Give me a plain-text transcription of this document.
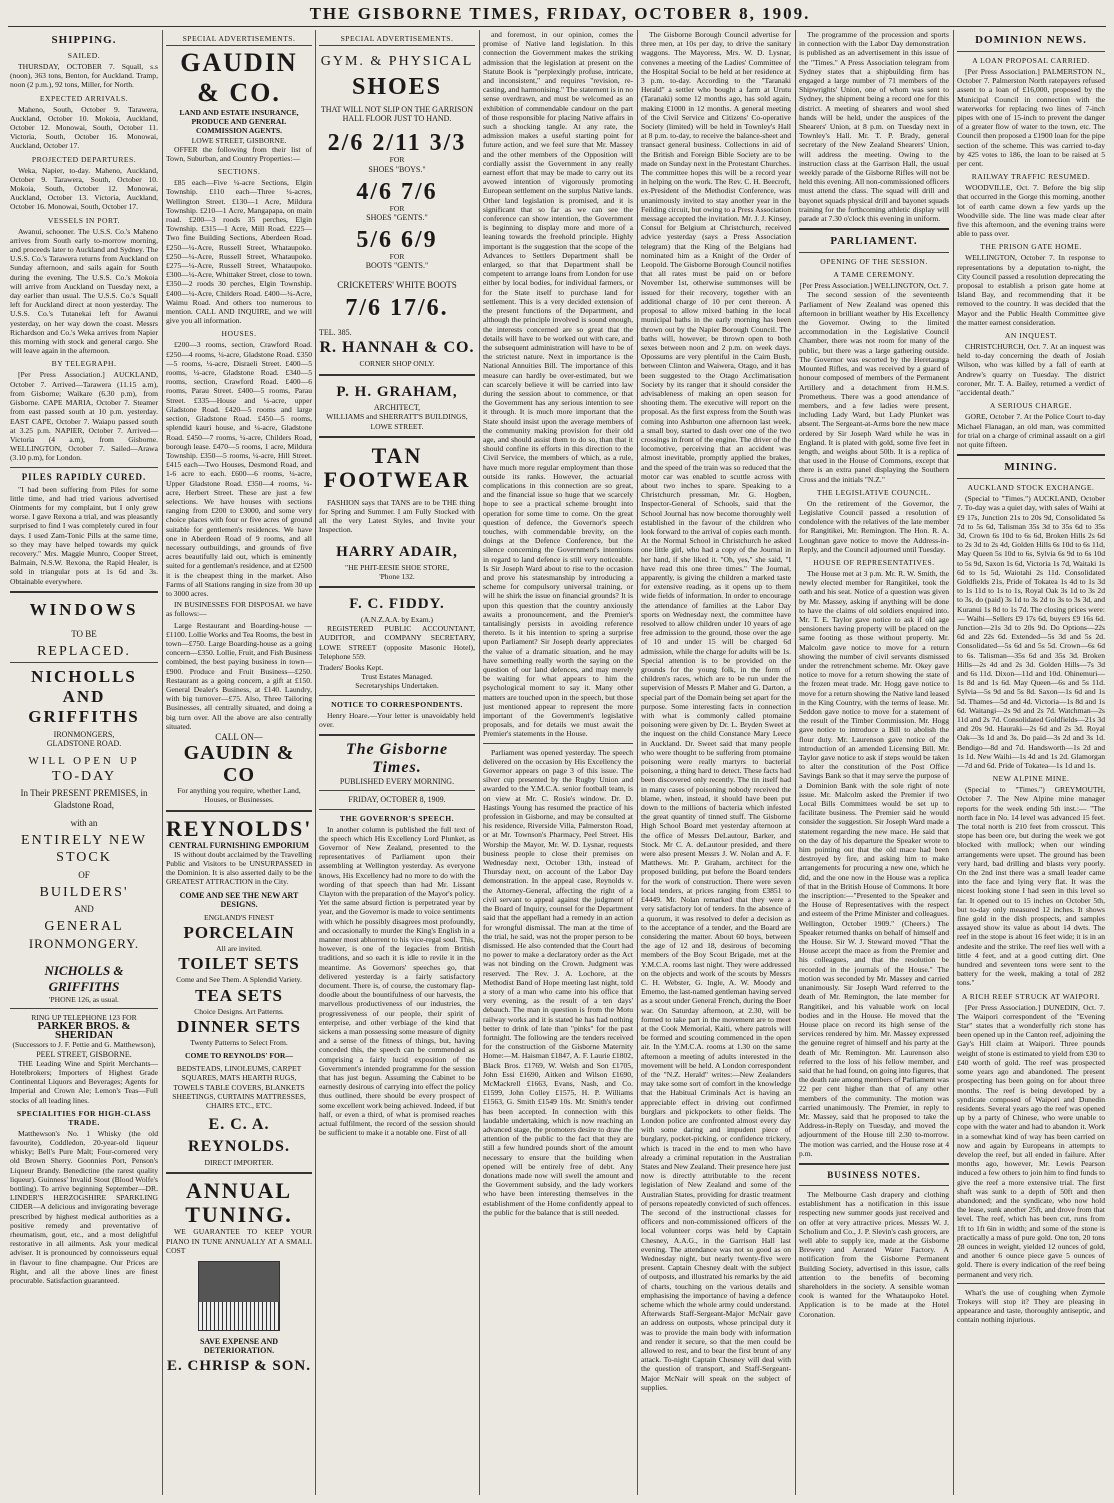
THE GISBORNE TIMES, FRIDAY, OCTOBER 8, 1909.
SHIPPING.
SAILED.

THURSDAY, OCTOBER 7. Squall, s.s (noon), 363 tons, Benton, for Auckland. Tramp, noon (2 p.m.), 92 tons, Miller, for North.

EXPECTED ARRIVALS.

Maheno, South, October 9. Tarawera, Auckland, October 10. Mokoia, Auckland, October 12. Monowai, South, October 11. Victoria, South, October 16. Monowai, Auckland, October 17.

PROJECTED DEPARTURES.

Weka, Napier, to-day. Maheno, Auckland, October 9. Tarawera, South, October 10. Mokoia, South, October 12. Monowai, Auckland, October 13. Victoria, Auckland, October 16. Monowai, South, October 17.

VESSELS IN PORT.

Awanui, schooner. The U.S.S. Co.'s Maheno arrives from South early to-morrow morning, and proceeds later to Auckland and Sydney. The U.S.S. Co.'s Tarawera returns from Auckland on Sunday afternoon, and sails again for South during the evening. The U.S.S. Co.'s Mokoia will arrive from Auckland on Tuesday next, a day earlier than usual. The U.S.S. Co.'s Squall left for Auckland direct at noon yesterday. The U.S.S. Co.'s Tutanekai left for Awanui yesterday, on her way down the coast. Messrs Richardson and Co.'s Weka arrives from Napier this morning with stock and general cargo. She will leave again in the afternoon.

BY TELEGRAPH.

[Per Press Association.] AUCKLAND, October 7. Arrived—Tarawera (11.15 a.m), from Gisborne; Waikare (6.30 p.m), from Gisborne. CAPE MARIA, October 7. Steamer from east passed south at 10 p.m. yesterday. EAST CAPE, October 7. Waiapu passed south at 3.25 p.m. NAPIER, October 7. Arrived—Victoria (4 a.m), from Gisborne. WELLINGTON, October 7. Sailed—Arawa (3.10 p.m), for London.

PILES RAPIDLY CURED.

"I had been suffering from Piles for some little time, and had tried various advertised Ointments for my complaint, but I only grew worse. I gave Rexona a trial, and was pleasantly surprised to find I was completely cured in four days. I used Zam-Tonic Pills at the same time, so they may have helped towards my quick recovery." Mrs. Maggie Munro, Cooper Street, Balmain, N.S.W. Rexona, the Rapid Healer, is sold in triangular pots at 1s 6d and 3s. Obtainable everywhere.

WINDOWS
TO BE
REPLACED.
NICHOLLS AND GRIFFITHS
IRONMONGERS,
GLADSTONE ROAD.
WILL OPEN UP
TO-DAY
In Their PRESENT PREMISES, in Gladstone Road,
with an
ENTIRELY NEW
STOCK
OF
BUILDERS'
AND
GENERAL
IRONMONGERY.
NICHOLLS & GRIFFITHS
'PHONE 126, as usual.
RING UP TELEPHONE 123 FOR
PARKER BROS. & SHERIDAN
(Successors to J. F. Pettie and G. Matthewson),
PEEL STREET, GISBORNE.

THE Leading Wine and Spirit Merchants—Hotelbrokers; Importers of Highest Grade Continental Liquors and Beverages; Agents for Imperial and Crown Ale; Lemon's Teas—Full stocks of all leading lines.

SPECIALITIES FOR HIGH-CLASS TRADE.

Matthewson's No. 1 Whisky (the old favourite), Coddledon, 20-year-old liqueur whisky; Bell's Pure Malt; Four-cornered very old Brown Sherry. Goonnies Port, Penson's Liqueur Brandy. Benedictine (the rarest quality liqueur). Guinness' Invalid Stout (Blood Wolfe's bottling). To arrive beginning September—DR. LINDER'S HERZOGSHIRE SPARKLING CIDER—A delicious and invigorating beverage prescribed by highest medical authorities as a positive remedy and preventative of rheumatism, gout, etc., and a most delightful restorative in all ailments. Ask your medical adviser. It is pronounced by connoisseurs equal in flavour to fine champagne. Our Prices are Right, and all the above lines are finest procurable. Satisfaction guaranteed.

SPECIAL ADVERTISEMENTS.
GAUDIN & CO.
LAND AND ESTATE INSURANCE, PRODUCE AND GENERAL COMMISSION AGENTS.
LOWE STREET, GISBORNE.

OFFER the following from their list of Town, Suburban, and Country Properties:—

SECTIONS.

£85 each—Five ¼-acre Sections, Elgin Township. £110 each—Three ¼-acres, Wellington Street. £130—1 Acre, Mildura Township. £210—1 Acre, Mangapapa, on main road. £200—3 roods 35 perches, Elgin Township. £315—1 Acre, Mill Road. £225—Two fine Building Sections, Aberdeen Road. £250—¼-Acre, Russell Street, Whataupoko. £250—¼-Acre, Russell Street, Whataupoko. £275—¼-Acre, Russell Street, Whataupoko. £300—¼-Acre, Whittaker Street, close to town. £350—2 roods 30 perches, Elgin Township. £400—¼-Acre, Childers Road. £400—¼-Acre, Waimu Road. And others too numerous to mention. CALL AND INQUIRE, and we will give you all information.

HOUSES.

£200—3 rooms, section, Crawford Road. £250—4 rooms, ¼-acre, Gladstone Road. £350—5 rooms, ¼-acre, Disraeli Street. £400—5 rooms, ¼-acre, Gladstone Road. £340—5 rooms, section, Crawford Road. £400—6 rooms, Parau Street. £400—5 rooms, Parau Street. £335—House and ¼-acre, upper Gladstone Road. £420—5 rooms and large section, Gladstone Road. £450—5 rooms, splendid kauri house, and ¼-acre, Gladstone Road. £450—7 rooms, ¼-acre, Childers Road, borough lease. £470—5 rooms, 1 acre, Mildura Township. £350—5 rooms, ¼-acre, Hill Street. £415 each—Two Houses, Desmond Road, and 1-6 acre to each. £600—6 rooms, ¼-acre, Upper Gladstone Road. £350—4 rooms, ¼-acre, Herbert Street. These are just a few selections. We have houses with sections ranging from £200 to £3000, and some very choice places with four or five acres of ground suitable for gentlemen's residences. We have one in Aberdeen Road of 9 rooms, and all necessary outbuildings, and grounds of five acres beautifully laid out, which is eminently suited for a gentleman's residence, and at £2500 it is the cheapest thing in the market. Also Farms of all Stations ranging in size from 30 up to 3000 acres.

IN BUSINESSES FOR DISPOSAL we have as follows:—

Large Restaurant and Boarding-house —£1100. Lollie Works and Tea Rooms, the best in town—£750. Large Boarding-house as a going concern—£350. Lollie, Fruit, and Fish Business combined, the best paying business in town—£900. Produce and Fruit Business—£250. Restaurant as a going concern, a gift at £150. General Dealer's Business, at £140. Laundry, with big turnover—£75. Also, Three Tailoring Businesses, all centrally situated, and doing a big turn over. All the above are also centrally situated.

CALL ON—
GAUDIN & CO
For anything you require, whether Land, Houses, or Businesses.
REYNOLDS'
CENTRAL FURNISHING EMPORIUM

IS without doubt acclaimed by the Travelling Public and Visitors to be UNSURPASSED in the Dominion. It is also asserted daily to be the GREATEST ATTRACTION in the City.

COME AND SEE THE NEW ART DESIGNS.
ENGLAND'S FINEST
PORCELAIN
All are invited.
TOILET SETS
Come and See Them. A Splendid Variety.
TEA SETS
Choice Designs. Art Patterns.
DINNER SETS
Twenty Patterns to Select From.
COME TO REYNOLDS' FOR—
BEDSTEADS, LINOLEUMS, CARPET SQUARES, MATS HEARTH RUGS, TOWELS TABLE COVERS, BLANKETS SHEETINGS, CURTAINS MATTRESSES, CHAIRS ETC., ETC.
E. C. A. REYNOLDS.
DIRECT IMPORTER.
ANNUAL
TUNING.

WE GUARANTEE TO KEEP YOUR PIANO IN TUNE ANNUALLY AT A SMALL COST

SAVE EXPENSE AND DETERIORATION.
E. CHRISP & SON.
SPECIAL ADVERTISEMENTS.
GYM. & PHYSICAL
SHOES
THAT WILL NOT SLIP ON THE GARRISON HALL FLOOR JUST TO HAND.
2/6 2/11 3/3
FOR
SHOES "BOYS."
4/6 7/6
FOR
SHOES "GENTS."
5/6 6/9
FOR
BOOTS "GENTS."
CRICKETERS' WHITE BOOTS
7/6 17/6.
TEL. 385.
R. HANNAH & CO.
CORNER SHOP ONLY.
P. H. GRAHAM,
ARCHITECT,
WILLIAMS and SHERRATT'S BUILDINGS,
LOWE STREET.
TAN
FOOTWEAR

FASHION says that TANS are to be THE thing for Spring and Summer. I am Fully Stocked with all the very Latest Styles, and Invite your Inspection.

HARRY ADAIR,
"HE PHIT-EESIE SHOE STORE,
'Phone 132.
F. C. FIDDY.
(A.N.Z.A.A. by Exam.)

REGISTERED PUBLIC ACCOUNTANT, AUDITOR, and COMPANY SECRETARY, LOWE STREET (opposite Masonic Hotel), Telephone 559.

Traders' Books Kept.
Trust Estates Managed.
Secretaryships Undertaken.
NOTICE TO CORRESPONDENTS.

Henry Hoare.—Your letter is unavoidably held over.

The Gisborne Times.
PUBLISHED EVERY MORNING.
FRIDAY, OCTOBER 8, 1909.
THE GOVERNOR'S SPEECH.

In another column is published the full text of the speech which His Excellency Lord Plunket, as Governor of New Zealand, presented to the representatives of Parliament upon their assembling at Wellington yesterday. As everyone knows, His Excellency had no more to do with the wording of that speech than had Mr. Lissant Clayton with the preparation of the Mayor's policy. Yet the same absurd fiction is perpetrated year by year, and the Governor is made to voice sentiments with which he possibly disagrees most profoundly, and occasionally to murder the King's English in a manner most abhorrent to his vice-regal soul. This, however, is one of the legacies from British traditions, and so each it is idle to revile it in the meantime. As Governors' speeches go, that delivered yesterday is a fairly satisfactory document. There is, of course, the customary flap-doodle about the bountifulness of our harvests, the marvellous productiveness of our industries, the progressiveness of our people, their spirit of enterprise, and other verbiage of the kind that sickens a man possessing some measure of dignity and a sense of the fitness of things, but, having conceded this, the speech can be commended as comprising a fairly lucid exposition of the Government's intended programme for the session that has just begun. Assuming the Cabinet to be earnestly desirous of carrying into effect the policy thus outlined, there should be every prospect of some excellent work being achieved. Indeed, if but half, or even a third, of what is promised reaches actual fulfilment, the record of the session should be sufficient to make it a notable one. First of all

and foremost, in our opinion, comes the promise of Native land legislation. In this connection the Government makes the striking admission that the legislation at present on the Statute Book is "perplexingly profuse, intricate, and inconsistent," and requires "revision, re-casting, and harmonising." The statement is in no sense overdrawn, and must be welcomed as an exhibition of commendable candour on the part of those responsible for placing Native affairs in such a shocking tangle. At any rate, the admission makes a useful starting point for future action, and we feel sure that Mr. Massey and the other members of the Opposition will cordially assist the Government in any really earnest effort that may be made to carry out its avowed intention of vigorously promoting European settlement on the surplus Native lands. Other land legislation is promised, and it is significant that so far as we can see the conference can show intention, the Government is beginning to display more and more of a leaning towards the freehold principle. Highly important is the suggestion that the scope of the Advances to Settlers Department shall be enlarged, so that that Department shall be competent to arrange loans from London for use either by local bodies, for individual farmers, or for the State itself to purchase land for settlement. This is a very decided extension of the present functions of the Department, and although the principle involved is sound enough, the interests concerned are so great that the details will have to be worked out with care, and the subsequent administration will have to be of the strictest nature. Next in importance is the National Annuities Bill. The importance of this measure can hardly be over-estimated, but we can scarcely believe it will be carried into law during the session about to commence, or that the Government has any serious intention to see it through. It is much more important that the State should insist upon the average members of the community making provision for their old age, and should assist them to do so, than that it should confine its efforts in this direction to the Civil Service, the members of which, as a rule, have much more regular employment than those outside its ranks. However, the actuarial complications in this connection are so great, and the financial issue so huge that we scarcely hope to see a practical scheme brought into operation for some time to come. On the great question of defence, the Governor's speech touches, with commendable brevity, on the doings at the Defence Conference, but the silence concerning the Government's intentions in regard to land defence is still very noticeable. Is Sir Joseph Ward about to rise to the occasion and prove his statesmanship by introducing a scheme for compulsory universal training, or will he shirk the issue on financial grounds? It is upon this question that the country anxiously awaits a pronouncement, and the Premier's tantalisingly persists in avoiding reference thereto. Is it his intention to spring a surprise upon Parliament? Sir Joseph dearly appreciates the value of a dramatic situation, and he may have something really worth the saying on the question of our land defences, and may merely be waiting for what appears to him the psychological moment to say it. Many other matters are touched upon in the speech, but those just mentioned appear to represent the more important of the Government's legislative proposals, and for details we must await the Premier's statements in the House.

Parliament was opened yesterday. The speech delivered on the occasion by His Excellency the Governor appears on page 3 of this issue. The silver cup presented by the Rugby Union and awarded to the Y.M.C.A. senior football team, is on view at Mr. C. Rosie's window. Dr. D. Hastings Young has resumed the practice of his profession in Gisborne, and may be consulted at his residence, Riverside Villa, Palmerston Road, or at Mr. Townson's Pharmacy, Peel Street. His Worship the Mayor, Mr. W. D. Lysnar, requests business people to close their premises on Wednesday next, October 13th, instead of Thursday next, on account of the Labor Day demonstration. In the appeal case, Reynolds v. the Attorney-General, affecting the right of a civil servant to appeal against the judgment of the Board of Inquiry, counsel for the Department said that the appellant had a remedy in an action for wrongful dismissal. The man at the time of the trial, he said, was not the proper person to be dismissed. He also contended that the Court had no power to make a declaratory order as the Act was not binding on the Crown. Judgment was reserved. The Rev. J. A. Lochore, at the Methodist Band of Hope meeting last night, told a story of a man who came into his office that very evening, as the result of a ten days' debauch. The man in question is from the Motu railway works and it is stated he has had nothing better to drink of late than "pinks" for the past fortnight. The following are the tenders received for the construction of the Gisborne Maternity Home:—M. Haisman £1847, A. F. Laurie £1802, Black Bros. £1769, W. Welsh and Son £1705, John Essi £1690, Aitken and Wilson £1690, McMackrell £1663, Evans, Nash, and Co. £1599, John Colley £1575, H. P. Williams £1563, G. Smith £1549 10s. Mr. Smith's tender has been accepted. In connection with this laudable undertaking, which is now reaching an advanced stage, the promoters desire to draw the attention of the public to the fact that they are still a few hundred pounds short of the amount necessary to ensure that the building when opened will be entirely free of debt. Any donations made now will swell the amount and the Government subsidy, and the lady workers who have been interesting themselves in the establishment of the Home confidently appeal to the public for the balance that is still needed.

The Gisborne Borough Council advertise for three men, at 10s per day, to drive the sanitary waggons. The Mayoress, Mrs. W. D. Lysnar, convenes a meeting of the Ladies' Committee of the Hospital Social to be held at her residence at 3 p.m. to-day. According to the "Taranaki Herald" a settler who bought a farm at Urutu (Taranaki) some 12 months ago, has sold again, making £1000 in 12 months. A general meeting of the Civil Service and Citizens' Co-operative Society (limited) will be held in Townley's Hall at 8 p.m. to-day, to receive the balance-sheet and transact general business. Collections in aid of the British and Foreign Bible Society are to be made on Sunday next in the Protestant Churches. The committee hopes this will be a record year in helping on the work. The Rev. C. H. Beecroft, ex-President of the Methodist Conference, was unanimously invited to stay another year in the Feilding circuit, but owing to a Press Association message accepted the invitation. Mr. J. J. Kinsey, Consul for Belgium at Christchurch, received advice yesterday (says a Press Association telegram) that the King of the Belgians had nominated him as a Knight of the Order of Leopold. The Gisborne Borough Council notifies that all rates must be paid on or before November 1st, otherwise summonses will be issued for their recovery, together with an additional charge of 10 per cent thereon. A proposal to allow mixed bathing in the local municipal baths in the early morning has been thrown out by the Napier Borough Council. The baths will, however, be thrown open to both sexes between noon and 2 p.m. on week days. Opossums are very plentiful in the Cairn Bush, between Clinton and Waiwera, Otago, and it has been suggested to the Otago Acclimatisation Society by its ranger that it should consider the advisableness of making an open season for shooting them. The executive will report on the proposal. As the first express from the South was coming into Ashburton one afternoon last week, a small boy, started to dash over one of the two crossings in front of the engine. The driver of the locomotive, perceiving that an accident was almost inevitable, promptly applied the brakes, and the speed of the train was so reduced that the motor car was enabled to scuttle across with about two inches to spare. Speaking to a Christchurch pressman, Mr. G. Hogben, Inspector-General of Schools, said that the School Journal has now become thoroughly well established in the favour of the children who look forward to the arrival of copies each month. At the Normal School in Christchurch he asked one little girl, who had a copy of the Journal in her hand, if she liked it. "Oh, yes," she said, "I have read this one three times." The Journal, apparently, is giving the children a marked taste for extensive reading, as it opens up to them wide fields of information. In order to encourage the attendance of families at the Labor Day sports on Wednesday next, the committee have resolved to allow children under 10 years of age free admission to the ground, those over the age of 10 and under 15 will be charged 6d admission, while the charge for adults will be 1s. Special attention is to be provided on the grounds for the young folk, in the form of children's races, which are to be run under the supervision of Messrs P. Maher and G. Darton, a special part of the Domain being set apart for the purpose. Some interesting facts in connection with what is commonly called ptomaine poisoning were given by Dr. L. Bryden Sweet at the inquest on the child Constance Mary Leece in Auckland. Dr. Sweet said that many people who were thought to be suffering from ptomaine poisoning were really martyrs to bacterial poisoning, a thing hard to detect. These facts had been discovered only recently. The tin itself had in many cases of poisoning nobody received the blame, when, instead, it should have been put down to the millions of bacteria which infested the great quantity of tinned stuff. The Gisborne High School Board met yesterday afternoon at the office of Messrs DeLautour, Barker, and Stock. Mr C. A. deLautour presided, and there were also present Messrs J. W. Nolan and A. F. Matthews. Mr. P. Graham, architect for the proposed building, put before the Board tenders for the work of construction. There were seven local tenders, at prices ranging from £3851 to £4449. Mr. Nolan remarked that they were a very satisfactory lot of tenders. In the absence of a quorum, it was resolved to defer a decision as to the acceptance of a tender, and the Board are considering the matter. About 60 boys, between the age of 12 and 18, desirous of becoming members of the Boy Scout Brigade, met at the Y.M.C.A. rooms last night. They were addressed on the objects and work of the scouts by Messrs C. H. Webster, G. Ingle, A. W. Moody and Ememo, the last-named gentleman having served as a scout under General French, during the Boer war. On Saturday afternoon, at 2.30, will be formed to take part in the movement are to meet at the Cook Memorial, Kaiti, where patrols will be formed and scouting commenced in the open air. In the Y.M.C.A. rooms at 1.30 on the same afternoon a meeting of adults interested in the movement will be held. A London correspondent of the "N.Z. Herald" writes:—New Zealanders may take some sort of comfort in the knowledge that the Habitual Criminals Act is having an appreciable effect in driving out confirmed burglars and pickpockets to other fields. The London police are confronted almost every day with some daring and impudent piece of burglary, pocket-picking, or confidence trickery, which is traced in the end to men who have already a criminal reputation in the Australian States and New Zealand. Their presence here just now is directly attributable to the recent legislation of New Zealand and some of the Australian States, providing for drastic treatment of persons repeatedly convicted of such offences. The second of the instructional classes for officers and non-commissioned officers of the local volunteer corps was held by Captain Chesney, A.A.G., in the Garrison Hall last evening. The attendance was not so good as on Wednesday night, but nearly twenty-five were present. Captain Chesney dealt with the subject of outposts, and illustrated his remarks by the aid of charts, touching on the various details and emphasising the importance of having a defence scheme which the whole army could understand. Afterwards Staff-Sergeant-Major McNair gave an address on outposts, whose principal duty it was to provide the main body with information and render it secure, so that the men could be allowed to rest, and to bear the first brunt of any attack. To-night Captain Chesney will deal with the question of transport, and Staff-Sergeant-Major McNair will speak on the subject of supplies.

The programme of the procession and sports in connection with the Labor Day demonstration is published as an advertisement in this issue of the "Times." A Press Association telegram from Sydney states that a shipbuilding firm has engaged a large number of 71 members of the Shipwrights' Union, one of whom was sent to Sydney, the shipment being a record one for this district. A meeting of shearers and wool shed hands will be held, under the auspices of the Shearers' Union, at 8 p.m. on Tuesday next in Townley's Hall. Mr. T. P. Brady, general secretary of the New Zealand Shearers' Union, will address the meeting. Owing to the instruction class at the Garrison Hall, the usual weekly parade of the Gisborne Rifles will not be held this evening. All non-commissioned officers must attend the class. The squad will drill and bayonet squads physical drill and bayonet squads training for the forthcoming athletic display will parade at 7.30 o'clock this evening in uniform.

PARLIAMENT.
OPENING OF THE SESSION.
A TAME CEREMONY.
[Per Press Association.] WELLINGTON, Oct. 7.

The second session of the seventeenth Parliament of New Zealand was opened this afternoon in brilliant weather by His Excellency the Governor. Owing to the limited accommodation in the Legislative Council Chamber, there was not room for many of the public, but there was a large gathering outside. The Governor was escorted by the Heretaunga Mounted Rifles, and was received by a guard of honour composed of members of the Permanent Artillery and a detachment from H.M.S. Prometheus. There was a good attendance of members, and a few ladies were present, including Lady Ward, but Lady Plunket was absent. The Sergeant-at-Arms bore the new mace ordered by Sir Joseph Ward while he was in England. It is plated with gold, some five feet in length, and weighs about 50lb. It is a replica of that used in the House of Commons, except that there is an extra panel displaying the Southern Cross and the initials "N.Z."

THE LEGISLATIVE COUNCIL.

On the retirement of the Governor, the Legislative Council passed a resolution of condolence with the relatives of the late member for Rangitikei, Mr. Remington. The Hon. R. A. Loughnan gave notice to move the Address-in-Reply, and the Council adjourned until Tuesday.

HOUSE OF REPRESENTATIVES.

The House met at 3 p.m. Mr. R. W. Smith, the newly elected member for Rangitikei, took the oath and his seat. Notice of a question was given by Mr. Massey, asking if anything will be done to have the claims of old soldiers enquired into. Mr. T. E. Taylor gave notice to ask if old age pensioners having property will be placed on the same footing as those without property. Mr. Malcolm gave notice to move for a return showing the number of civil servants dismissed under the retrenchment scheme. Mr. Okey gave notice to move for a return showing the state of the frozen meat trade. Mr. Hogg gave notice to move for a return showing the Native land leased in the King Country, with the terms of lease. Mr. Seddon gave notice to move for a statement of the result of the Timber Commission. Mr. Hogg gave notice to introduce a Bill to abolish the flour duty. Mr. Laurenson gave notice of the introduction of an amended Licensing Bill. Mr. Taylor gave notice to ask if steps would be taken to alter the constitution of the Post Office Savings Bank so that it may serve the purpose of a Dominion Bank with the sole right of note issue. Mr. Malcolm asked the Premier if two Local Bills Committees would be set up to facilitate business. The Premier said he would consider the suggestion. Sir Joseph Ward made a statement regarding the new mace. He said that on the day of his departure the Speaker wrote to him pointing out that the old mace had been destroyed by fire, and asking him to make arrangements for procuring a new one, which he did, and the one now in the House was a replica of that in the British House of Commons. It bore the inscription:—"Presented to the Speaker and the House of Representatives with the respect and esteem of the Prime Minister and colleagues. Wellington, October 1909." (Cheers.) The Speaker returned thanks on behalf of himself and the House. Sir W. J. Steward moved "That the House accept the mace as from the Premier and his colleagues, and that the resolution be recorded in the journals of the House." The motion was seconded by Mr. Massey and carried unanimously. Sir Joseph Ward referred to the death of Mr. Remington, the late member for Rangitikei, and his valuable work on local bodies and in the House. He moved that the House place on record its high sense of the services rendered by him. Mr. Massey expressed the genuine regret of himself and his party at the death of Mr. Remington. Mr. Laurenson also referred to the loss of his fellow member, and said that he had found, on going into figures, that the death rate among members of Parliament was 22 per cent higher than that of any other members of the community. The motion was carried unanimously. The Premier, in reply to Mr. Massey, said that he proposed to take the Address-in-Reply on Tuesday, and moved the adjournment of the House till 2.30 to-morrow. The motion was carried, and the House rose at 4 p.m.

BUSINESS NOTES.

The Melbourne Cash drapery and clothing establishment has a notification in this issue respecting new summer goods just received and on offer at very attractive prices. Messrs W. J. Scholium and Co., J. P. Slevin's cash grocers, are well able to supply ice, made at the Gisborne Brewery and Aerated Water Factory. A notification from the Gisborne Permanent Building Society, advertised in this issue, calls attention to the benefits of becoming shareholders in the society. A sensible woman cook is wanted for the Whataupoko Hotel. Application is to be made at the Hotel Coronation.

DOMINION NEWS.
A LOAN PROPOSAL CARRIED.

[Per Press Association.] PALMERSTON N., October 7. Palmerston North ratepayers refused assent to a loan of £16,000, proposed by the Municipal Council in connection with the waterworks for replacing two lines of 7-inch pipes with one of 15-inch to prevent the danger of a greater flow of water to the town, etc. The Council then proposed a £1900 loan for the pipe section of the scheme. This was carried to-day by 425 votes to 186, the loan to be raised at 5 per cent.

RAILWAY TRAFFIC RESUMED.

WOODVILLE, Oct. 7. Before the big slip that occurred in the Gorge this morning, another lot of earth came down a few yards up the Woodville side. The line was made clear after five this afternoon, and the evening trains were able to pass over.

THE PRISON GATE HOME.

WELLINGTON, October 7. In response to representations by a deputation to-night, the City Council passed a resolution deprecating the proposal to establish a prison gate home at Island Bay, and recommending that it be removed to the country. It was decided that the Mayor and the Public Health Committee give the matter earnest consideration.

AN INQUEST.

CHRISTCHURCH, Oct. 7. At an inquest was held to-day concerning the death of Josiah Wilson, who was killed by a fall of earth at Andrew's quarry on Tuesday. The district coroner, Mr. T. A. Bailey, returned a verdict of "accidental death."

A SERIOUS CHARGE.

GORE, October 7. At the Police Court to-day Michael Flanagan, an old man, was committed for trial on a charge of criminal assault on a girl not quite fifteen.

MINING.
AUCKLAND STOCK EXCHANGE.

(Special to "Times.") AUCKLAND, October 7. To-day was a quiet day, with sales of Waihi at £9 17s, Junction 21s to 20s 9d, Consolidated 5s 7d to 5s 6d, Talisman 35s 3d to 35s 6d to 35s 3d, Crown 6s 10d to 6s 6d, Broken Hills 2s 6d to 2s 3d to 2s 4d, Golden Hills 6s 10d to 6s 11d, May Queen 5s 10d to 6s, Sylvia 6s 9d to 6s 10d to 5s 9d, Saxon 1s 6d, Victoria 1s 7d, Waitaki 1s 6d to 1s 5d, Waiotahi 2s 11d. Consolidated Goldfields 21s, Pride of Tokatea 1s 4d to 1s 3d to 1s 11d to 1s to 1s, Royal Oak 3s 1d to 3s 2d to 3s, do (paid) 3s 1d to 3s 2d to 3s to 3s 3d, and Kuranui 1s 8d to 1s 7d. The closing prices were:— Waihi—Sellers £9 17s 6d, buyers £9 16s 6d. Junction—21s 3d to 20s 9d. Do Options—22s 6d and 22s 6d. Extended—5s 3d and 5s 2d. Consolidated—5s 6d and 5s 5d. Crown—6s 6d to 6s. Talisman—35s 6d and 35s 3d. Broken Hills—2s 4d and 2s 3d. Golden Hills—7s 3d and 6s 11d. Dixon—11d and 10d. Ohinemuri—1s 8d and 1s 6d. May Queen—6s and 5s 11d. Sylvia—5s 9d and 5s 8d. Saxon—1s 6d and 1s 5d. Thames—5d and 4d. Victoria—1s 8d and 1s 6d. Waitangi—2s 9d and 2s 7d. Watchman—2s 11d and 2s 7d. Consolidated Goldfields—21s 3d and 20s 9d. Hauraki—2s 6d and 2s 3d. Royal Oak—3s 1d and 3s. Do paid—3s 2d and 3s 1d. Bendigo—8d and 7d. Handsworth—1s 2d and 1s 1d. New Waihi—1s 4d and 1s 2d. Glamorgan—7d and 6d. Pride of Tokatea—1s 1d and 1s.

NEW ALPINE MINE.

(Special to "Times.") GREYMOUTH, October 7. The New Alpine mine manager reports for the week ending 5th inst.:— "The north face in No. 14 level was advanced 15 feet. The total north is 210 feet from crosscut. This stope has been ore, but during the week we got blocked with mullock; when our winding arrangements were upset. The ground has been very hard, bad drilling and blasts very poorly. On the 2nd inst there was a small leader came into the face and lying very flat. It was the nicest looking stone I had seen in this level so far. It opened out to 15 inches on October 5th, but to-day only measured 12 inches. It shows fine gold in the dish prospects, and samples assayed show its value as about 14 dwts. The reef in the stope is about 16 feet wide; it is in an andesite and the strike. The reef lies well with a little 4 feet, and at a good cutting dirt. One hundred and seventeen tons were sent to the battery for the week, making a total of 282 tons."

A RICH REEF STRUCK AT WAIPORI.

[Per Press Association.] DUNEDIN, Oct. 7. The Waipori correspondent of the "Evening Star" states that a wonderfully rich stone has been opened up in the Canton reef, adjoining the Gay's Hill claim at Waipori. Three pounds weight of stone is estimated to yield from £30 to £40 worth of gold. The reef was prospected some years ago and abandoned. The present prospecting has been going on for about three months. The reef is being developed by a syndicate composed of Waipori and Dunedin residents. Several years ago the reef was opened up by a party of Chinese, who were unable to cope with the water and had to abandon it. Work in a somewhat kind of way has been carried on now and again by Europeans in attempts to develop the reef, but all ended in failure. After months ago, however, Mr. Lewis Pearson induced a few others to join him to find funds to give the reef a more extensive trial. The first shaft was sunk to a depth of 50ft and then abandoned; and the syndicate, who now hold the lease, sunk another 25ft, and drove from that level. The reef, which has been cut, runs from 1ft to 1ft 6in in width; and some of the stone is practically a mass of pure gold. One ton, 20 tons 28 ounces in weight, yielded 12 ounces of gold, and another 6 ounce piece gave 5 ounces of gold. There is every indication of the reef being permanent and very rich.

What's the use of coughing when Zymole Trokeys will stop it? They are pleasing in appearance and taste, thoroughly antiseptic, and contain nothing injurious.
